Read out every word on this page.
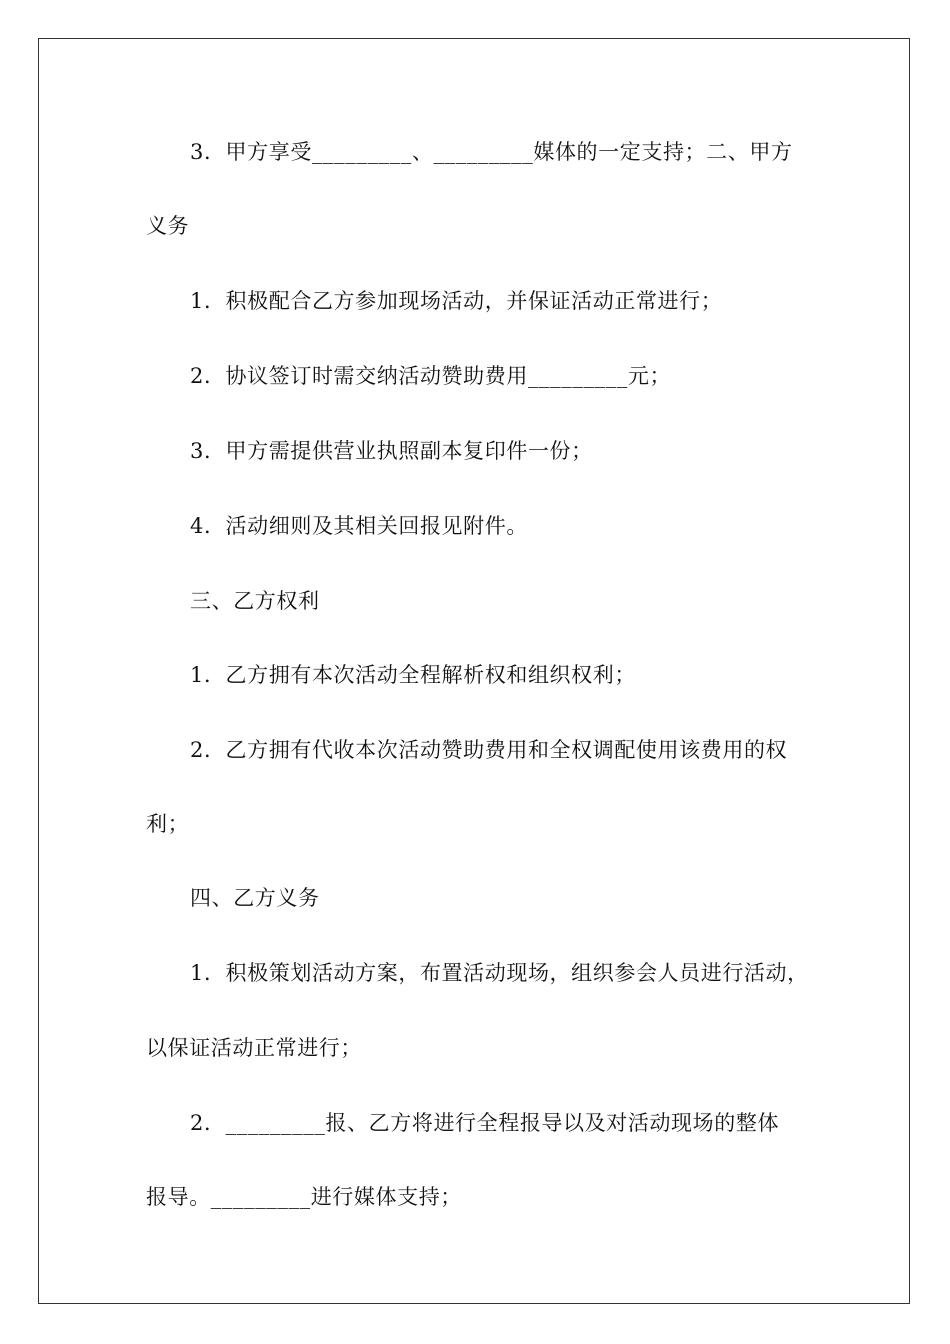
3．甲方享受_________、_________媒体的一定支持；二、甲方
义务
1．积极配合乙方参加现场活动，并保证活动正常进行；
2．协议签订时需交纳活动赞助费用_________元；
3．甲方需提供营业执照副本复印件一份；
4．活动细则及其相关回报见附件。
三、乙方权利
1．乙方拥有本次活动全程解析权和组织权利；
2．乙方拥有代收本次活动赞助费用和全权调配使用该费用的权
利；
四、乙方义务
1．积极策划活动方案，布置活动现场，组织参会人员进行活动，
以保证活动正常进行；
2．_________报、乙方将进行全程报导以及对活动现场的整体
报导。_________进行媒体支持；
